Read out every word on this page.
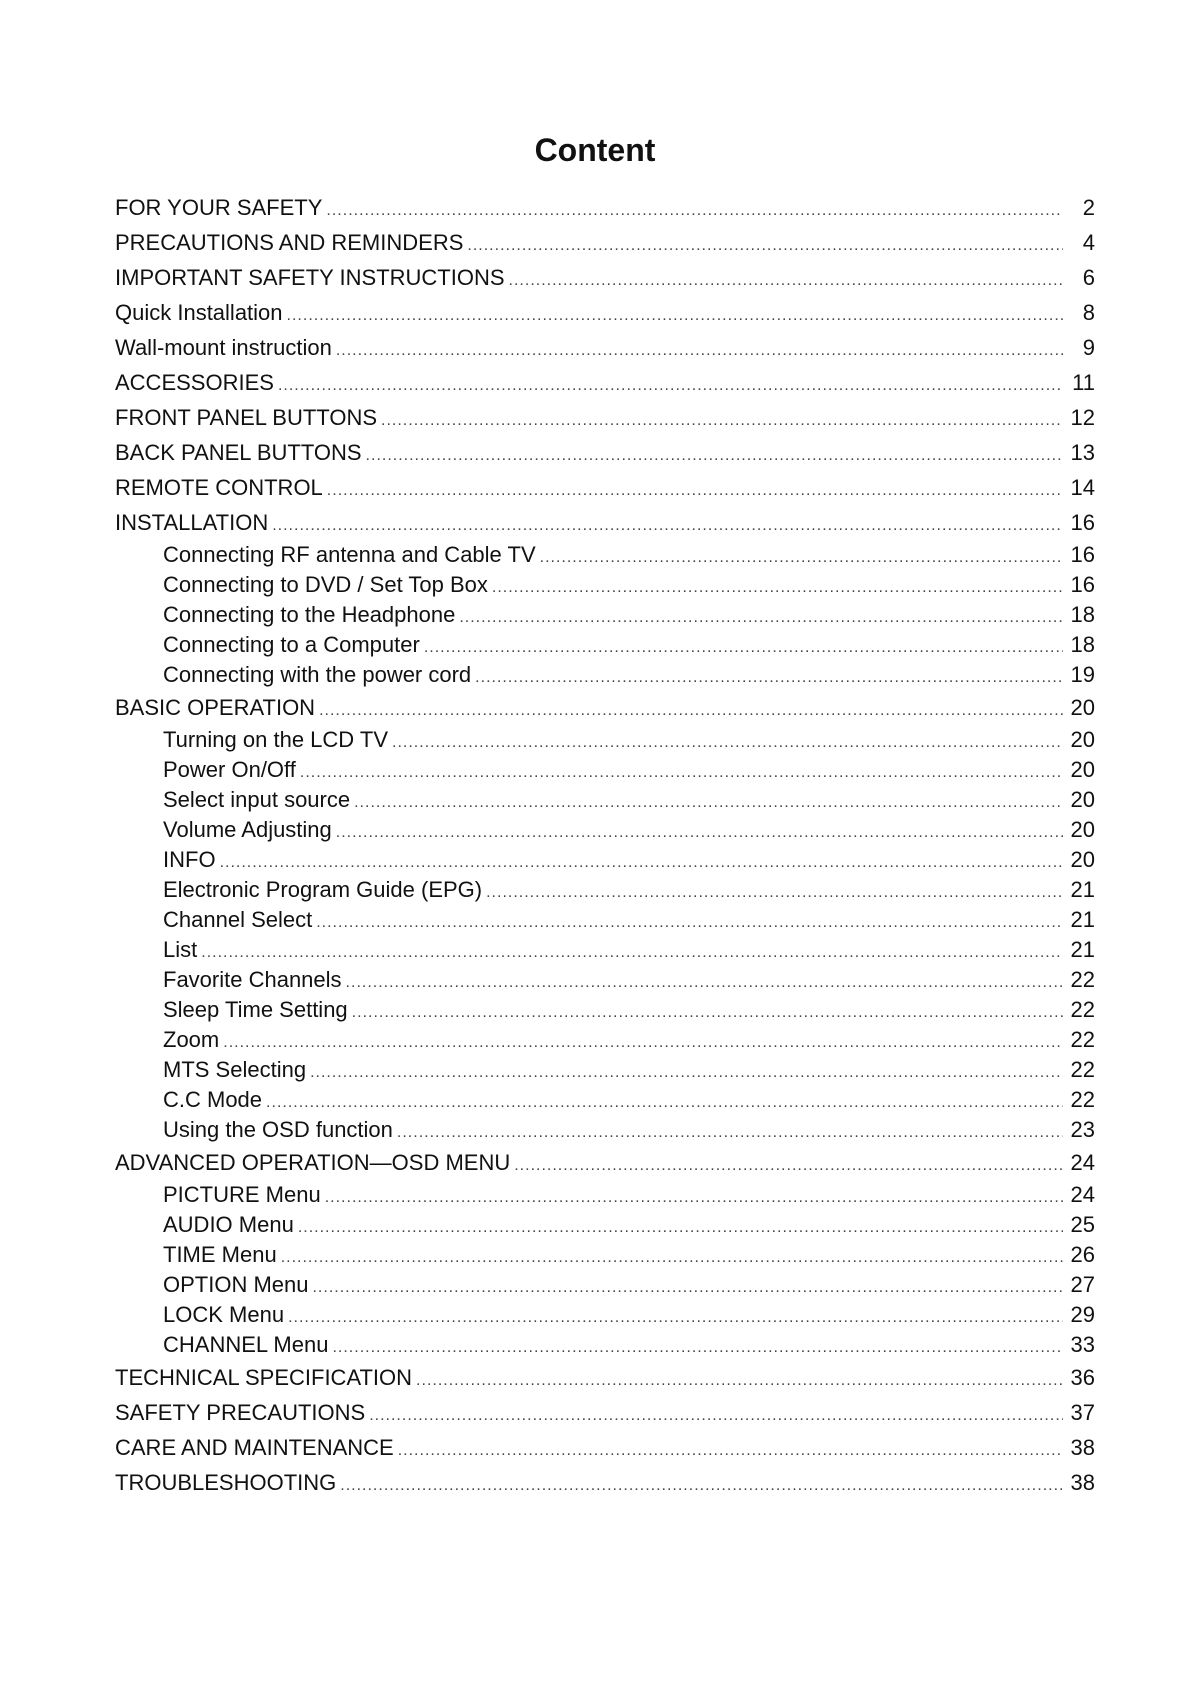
Content
FOR YOUR SAFETY .....	2
PRECAUTIONS AND REMINDERS .....	4
IMPORTANT SAFETY INSTRUCTIONS .....	6
Quick Installation .....	8
Wall-mount instruction .....	9
ACCESSORIES .....	11
FRONT PANEL BUTTONS .....	12
BACK PANEL BUTTONS .....	13
REMOTE CONTROL .....	14
INSTALLATION .....	16
Connecting RF antenna and Cable TV .....	16
Connecting to DVD / Set Top Box .....	16
Connecting to the Headphone .....	18
Connecting to a Computer .....	18
Connecting with the power cord .....	19
BASIC OPERATION .....	20
Turning on the LCD TV .....	20
Power On/Off .....	20
Select input source .....	20
Volume Adjusting .....	20
INFO .....	20
Electronic Program Guide (EPG) .....	21
Channel Select .....	21
List .....	21
Favorite Channels .....	22
Sleep Time Setting .....	22
Zoom .....	22
MTS Selecting .....	22
C.C Mode .....	22
Using the OSD function .....	23
ADVANCED OPERATION—OSD MENU .....	24
PICTURE Menu .....	24
AUDIO Menu .....	25
TIME Menu .....	26
OPTION Menu .....	27
LOCK Menu .....	29
CHANNEL Menu .....	33
TECHNICAL SPECIFICATION .....	36
SAFETY PRECAUTIONS .....	37
CARE AND MAINTENANCE .....	38
TROUBLESHOOTING .....	38
